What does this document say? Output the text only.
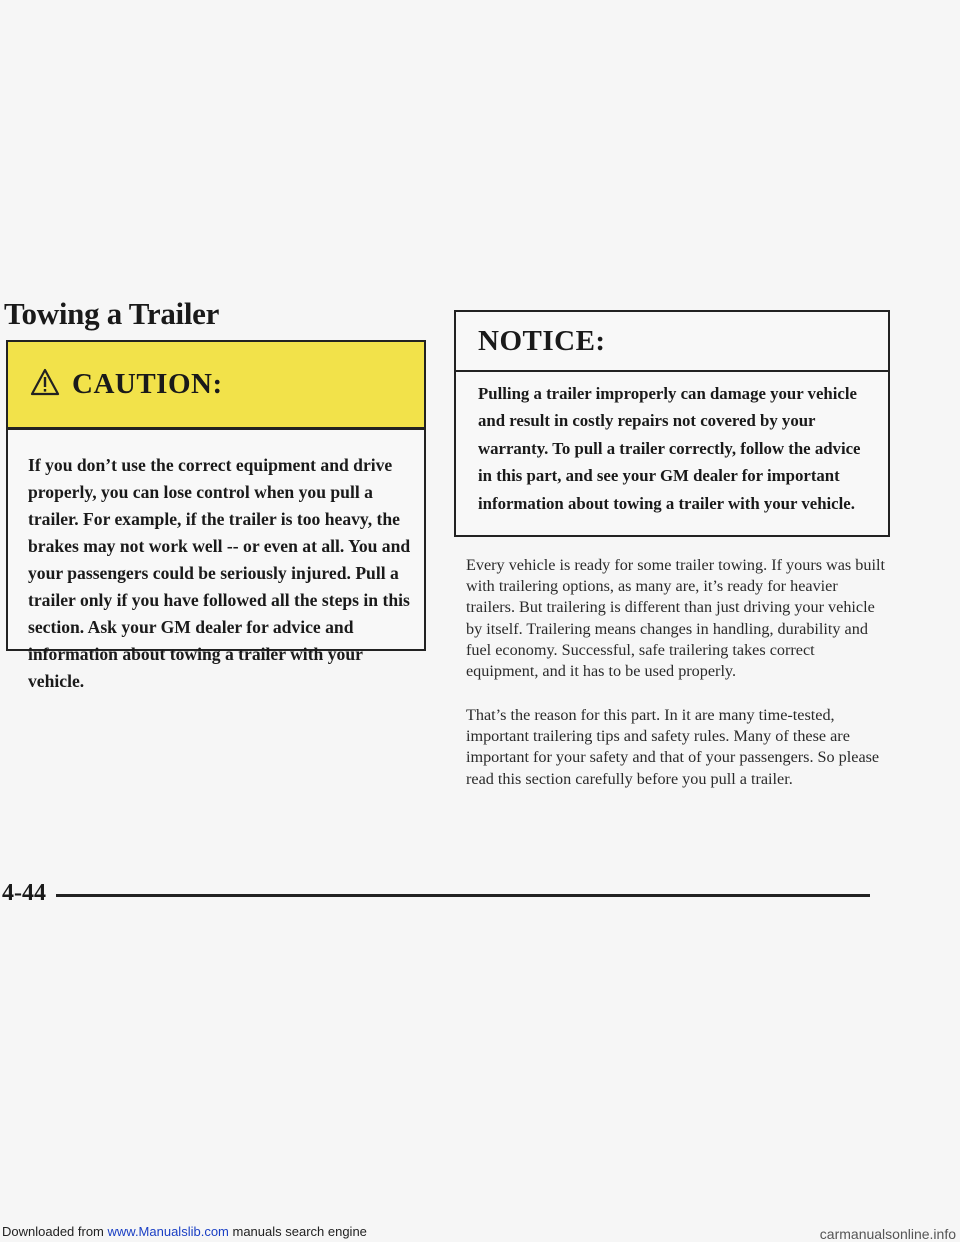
Towing a Trailer
CAUTION:
If you don’t use the correct equipment and drive properly, you can lose control when you pull a trailer. For example, if the trailer is too heavy, the brakes may not work well -- or even at all. You and your passengers could be seriously injured. Pull a trailer only if you have followed all the steps in this section. Ask your GM dealer for advice and information about towing a trailer with your vehicle.
NOTICE:
Pulling a trailer improperly can damage your vehicle and result in costly repairs not covered by your warranty. To pull a trailer correctly, follow the advice in this part, and see your GM dealer for important information about towing a trailer with your vehicle.
Every vehicle is ready for some trailer towing. If yours was built with trailering options, as many are, it’s ready for heavier trailers. But trailering is different than just driving your vehicle by itself. Trailering means changes in handling, durability and fuel economy. Successful, safe trailering takes correct equipment, and it has to be used properly.
That’s the reason for this part. In it are many time-tested, important trailering tips and safety rules. Many of these are important for your safety and that of your passengers. So please read this section carefully before you pull a trailer.
4-44
Downloaded from www.Manualslib.com manuals search engine	carmanualsonline.info
